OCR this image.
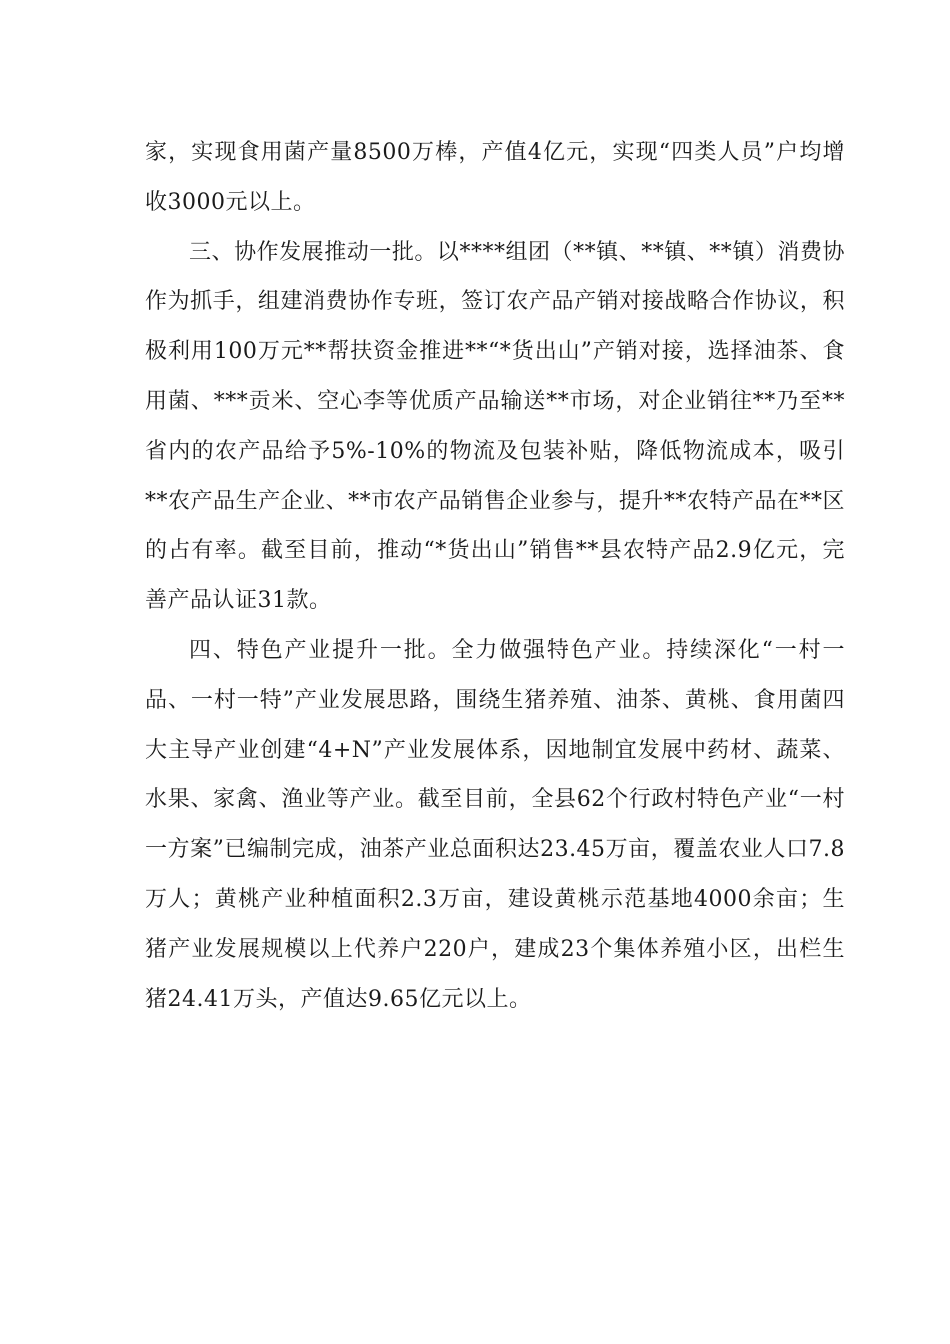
家，实现食用菌产量8500万棒，产值4亿元，实现“四类人员”户均增收3000元以上。

三、协作发展推动一批。以****组团（**镇、**镇、**镇）消费协作为抓手，组建消费协作专班，签订农产品产销对接战略合作协议，积极利用100万元**帮扶资金推进**“*货出山”产销对接，选择油茶、食用菌、***贡米、空心李等优质产品输送**市场，对企业销往**乃至**省内的农产品给予5%-10%的物流及包装补贴，降低物流成本，吸引**农产品生产企业、**市农产品销售企业参与，提升**农特产品在**区的占有率。截至目前，推动“*货出山”销售**县农特产品2.9亿元，完善产品认证31款。

四、特色产业提升一批。全力做强特色产业。持续深化“一村一品、一村一特”产业发展思路，围绕生猪养殖、油茶、黄桃、食用菌四大主导产业创建“4+N”产业发展体系，因地制宜发展中药材、蔬菜、水果、家禽、渔业等产业。截至目前，全县62个行政村特色产业“一村一方案”已编制完成，油茶产业总面积达23.45万亩，覆盖农业人口7.8万人；黄桃产业种植面积2.3万亩，建设黄桃示范基地4000余亩；生猪产业发展规模以上代养户220户，建成23个集体养殖小区，出栏生猪24.41万头，产值达9.65亿元以上。
